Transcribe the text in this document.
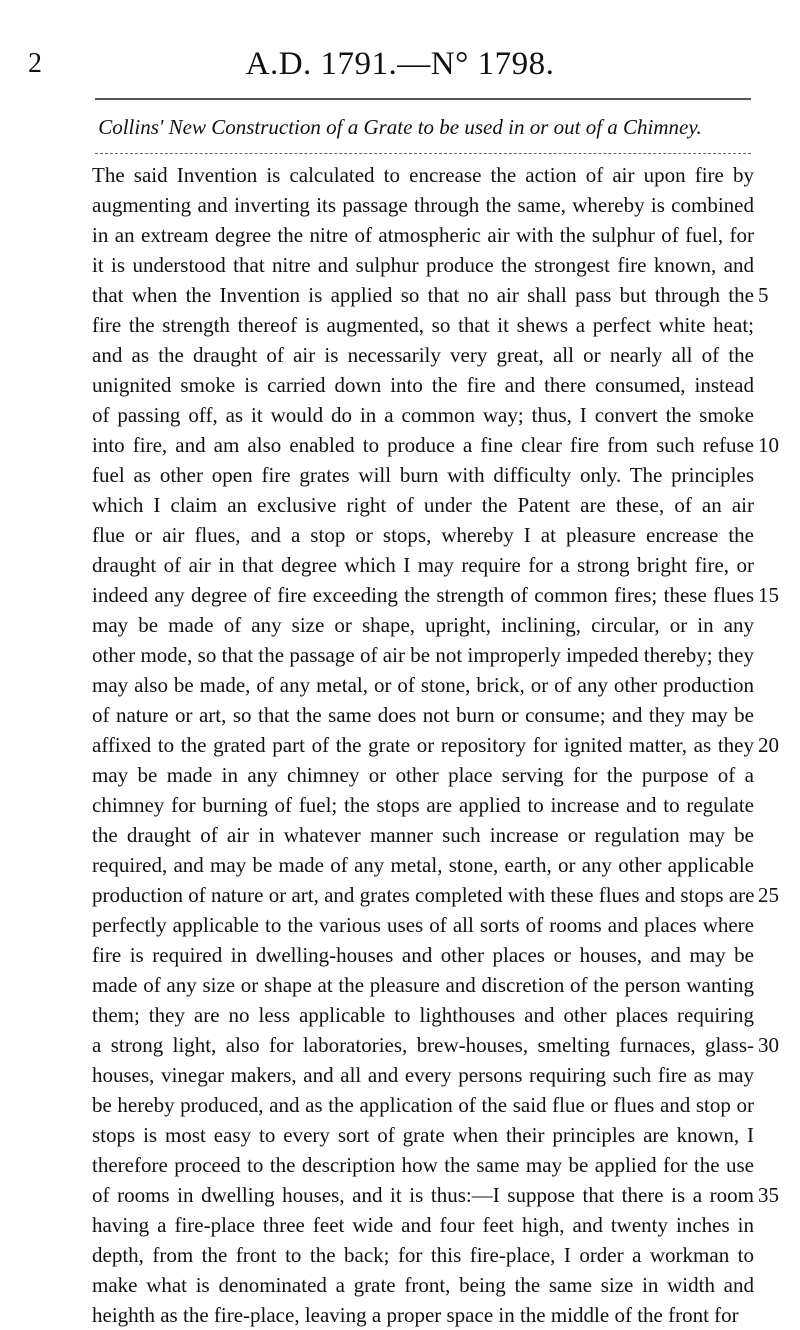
2	A.D. 1791.—N° 1798.
Collins' New Construction of a Grate to be used in or out of a Chimney.
The said Invention is calculated to encrease the action of air upon fire by
augmenting and inverting its passage through the same, whereby is combined
in an extream degree the nitre of atmospheric air with the sulphur of fuel, for
it is understood that nitre and sulphur produce the strongest fire known, and
that when the Invention is applied so that no air shall pass but through the
fire the strength thereof is augmented, so that it shews a perfect white heat;
and as the draught of air is necessarily very great, all or nearly all of the
unignited smoke is carried down into the fire and there consumed, instead
of passing off, as it would do in a common way; thus, I convert the smoke
into fire, and am also enabled to produce a fine clear fire from such refuse
fuel as other open fire grates will burn with difficulty only. The principles
which I claim an exclusive right of under the Patent are these, of an air
flue or air flues, and a stop or stops, whereby I at pleasure encrease the
draught of air in that degree which I may require for a strong bright fire, or
indeed any degree of fire exceeding the strength of common fires; these flues
may be made of any size or shape, upright, inclining, circular, or in any
other mode, so that the passage of air be not improperly impeded thereby; they
may also be made, of any metal, or of stone, brick, or of any other production
of nature or art, so that the same does not burn or consume; and they may be
affixed to the grated part of the grate or repository for ignited matter, as they
may be made in any chimney or other place serving for the purpose of a
chimney for burning of fuel; the stops are applied to increase and to regulate
the draught of air in whatever manner such increase or regulation may be
required, and may be made of any metal, stone, earth, or any other applicable
production of nature or art, and grates completed with these flues and stops are
perfectly applicable to the various uses of all sorts of rooms and places where
fire is required in dwelling-houses and other places or houses, and may be
made of any size or shape at the pleasure and discretion of the person wanting
them; they are no less applicable to lighthouses and other places requiring
a strong light, also for laboratories, brew-houses, smelting furnaces, glass-
houses, vinegar makers, and all and every persons requiring such fire as may
be hereby produced, and as the application of the said flue or flues and stop or
stops is most easy to every sort of grate when their principles are known, I
therefore proceed to the description how the same may be applied for the use
of rooms in dwelling houses, and it is thus:—I suppose that there is a room
having a fire-place three feet wide and four feet high, and twenty inches in
depth, from the front to the back; for this fire-place, I order a workman to
make what is denominated a grate front, being the same size in width and
heighth as the fire-place, leaving a proper space in the middle of the front for
5
10
15
20
25
30
35
